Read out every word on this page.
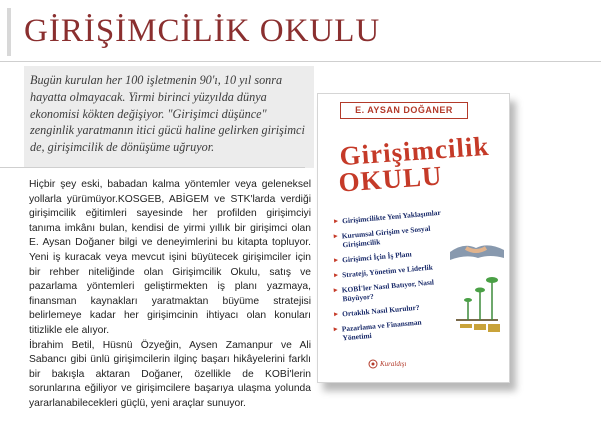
GİRİŞİMCİLİK OKULU

Bugün kurulan her 100 işletmenin 90'ı, 10 yıl sonra hayatta olmayacak. Yirmi birinci yüzyılda dünya ekonomisi kökten değişiyor. "Girişimci düşünce" zenginlik yaratmanın itici gücü haline gelirken girişimci de, girişimcilik de dönüşüme uğruyor.

Hiçbir şey eski, babadan kalma yöntemler veya geleneksel yollarla yürümüyor.KOSGEB, ABİGEM ve STK'larda verdiği girişimcilik eğitimleri sayesinde her profilden girişimciyi tanıma imkânı bulan, kendisi de yirmi yıllık bir girişimci olan E. Aysan Doğaner bilgi ve deneyimlerini bu kitapta topluyor. Yeni iş kuracak veya mevcut işini büyütecek girişimciler için bir rehber niteliğinde olan Girişimcilik Okulu, satış ve pazarlama yöntemleri geliştirmekten iş planı yazmaya, finansman kaynakları yaratmaktan büyüme stratejisi belirlemeye kadar her girişimcinin ihtiyacı olan konuları titizlikle ele alıyor.

İbrahim Betil, Hüsnü Özyeğin, Aysen Zamanpur ve Ali Sabancı gibi ünlü girişimcilerin ilginç başarı hikâyelerini farklı bir bakışla aktaran Doğaner, özellikle de KOBİ'lerin sorunlarına eğiliyor ve girişimcilere başarıya ulaşma yolunda yararlanabilecekleri güçlü, yeni araçlar sunuyor.

E. AYSAN DOĞANER
Girişimcilik
OKULU
▸ Girişimcilikte Yeni Yaklaşımlar
▸ Kurumsal Girişim ve Sosyal Girişimcilik
▸ Girişimci İçin İş Planı
▸ Strateji, Yönetim ve Liderlik
▸ KOBİ'ler Nasıl Batıyor, Nasıl Büyüyor?
▸ Ortaklık Nasıl Kurulur?
▸ Pazarlama ve Finansman Yönetimi
Kuraldışı
